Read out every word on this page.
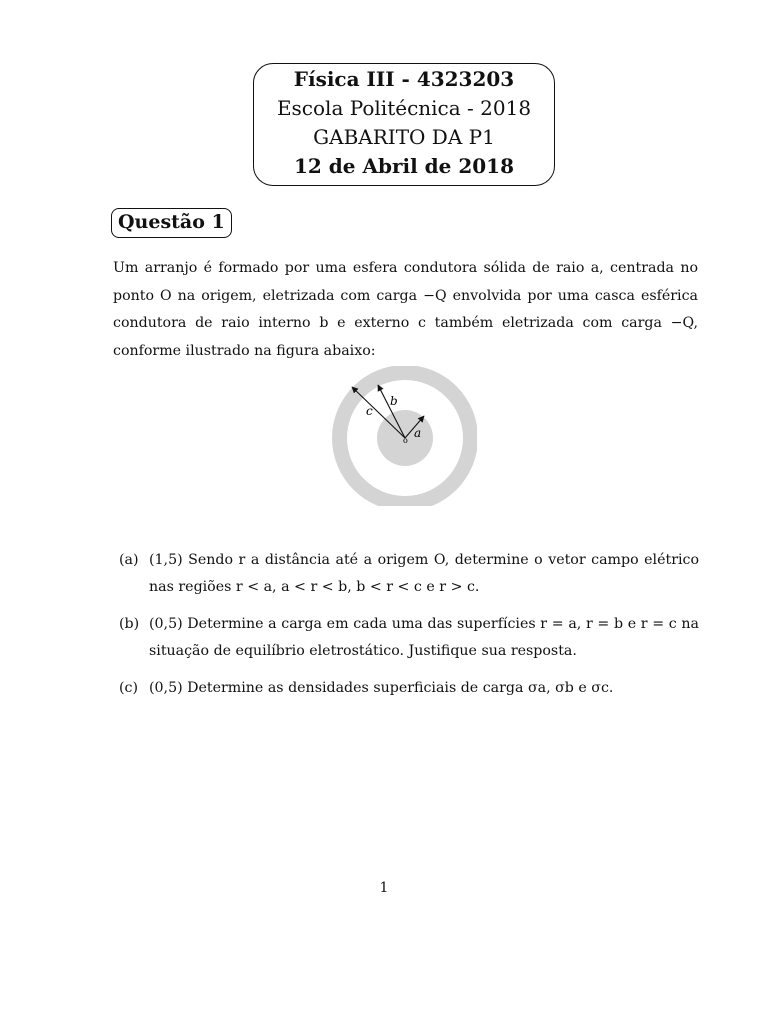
Física III - 4323203
Escola Politécnica - 2018
GABARITO DA P1
12 de Abril de 2018
Questão 1
Um arranjo é formado por uma esfera condutora sólida de raio a, centrada no ponto O na origem, eletrizada com carga −Q envolvida por uma casca esférica condutora de raio interno b e externo c também eletrizada com carga −Q, conforme ilustrado na figura abaixo:
c
b
a
o
(a) (1,5) Sendo r a distância até a origem O, determine o vetor campo elétrico nas regiões r < a, a < r < b, b < r < c e r > c.
(b) (0,5) Determine a carga em cada uma das superfícies r = a, r = b e r = c na situação de equilíbrio eletrostático. Justifique sua resposta.
(c) (0,5) Determine as densidades superficiais de carga σa, σb e σc.
1
